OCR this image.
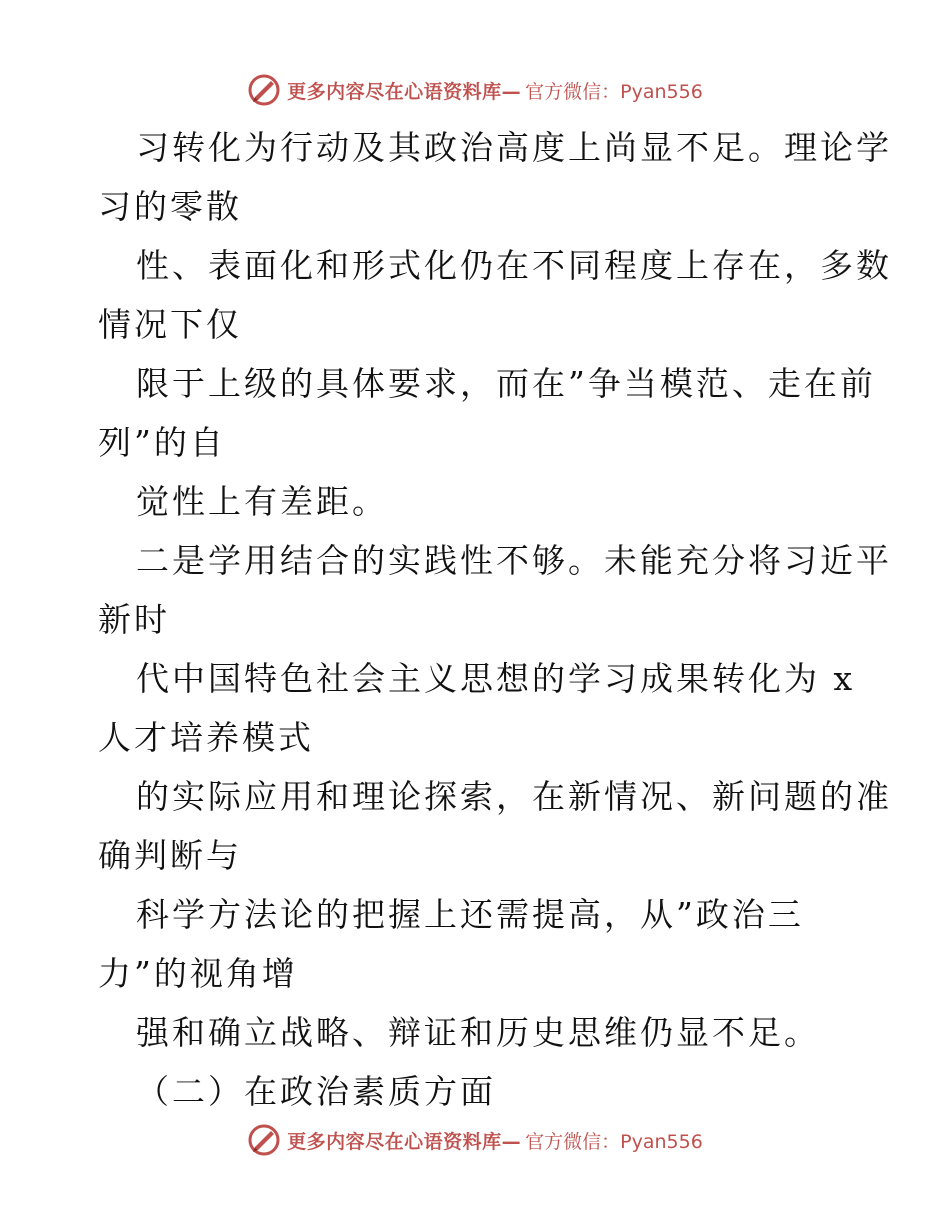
更多内容尽在心语资料库— 官方微信：Pyan556
习转化为行动及其政治高度上尚显不足。理论学
习的零散
性、表面化和形式化仍在不同程度上存在，多数
情况下仅
限于上级的具体要求，而在”争当模范、走在前
列”的自
觉性上有差距。
二是学用结合的实践性不够。未能充分将习近平
新时
代中国特色社会主义思想的学习成果转化为 x
人才培养模式
的实际应用和理论探索，在新情况、新问题的准
确判断与
科学方法论的把握上还需提高，从”政治三
力”的视角增
强和确立战略、辩证和历史思维仍显不足。
（二）在政治素质方面
更多内容尽在心语资料库— 官方微信：Pyan556
